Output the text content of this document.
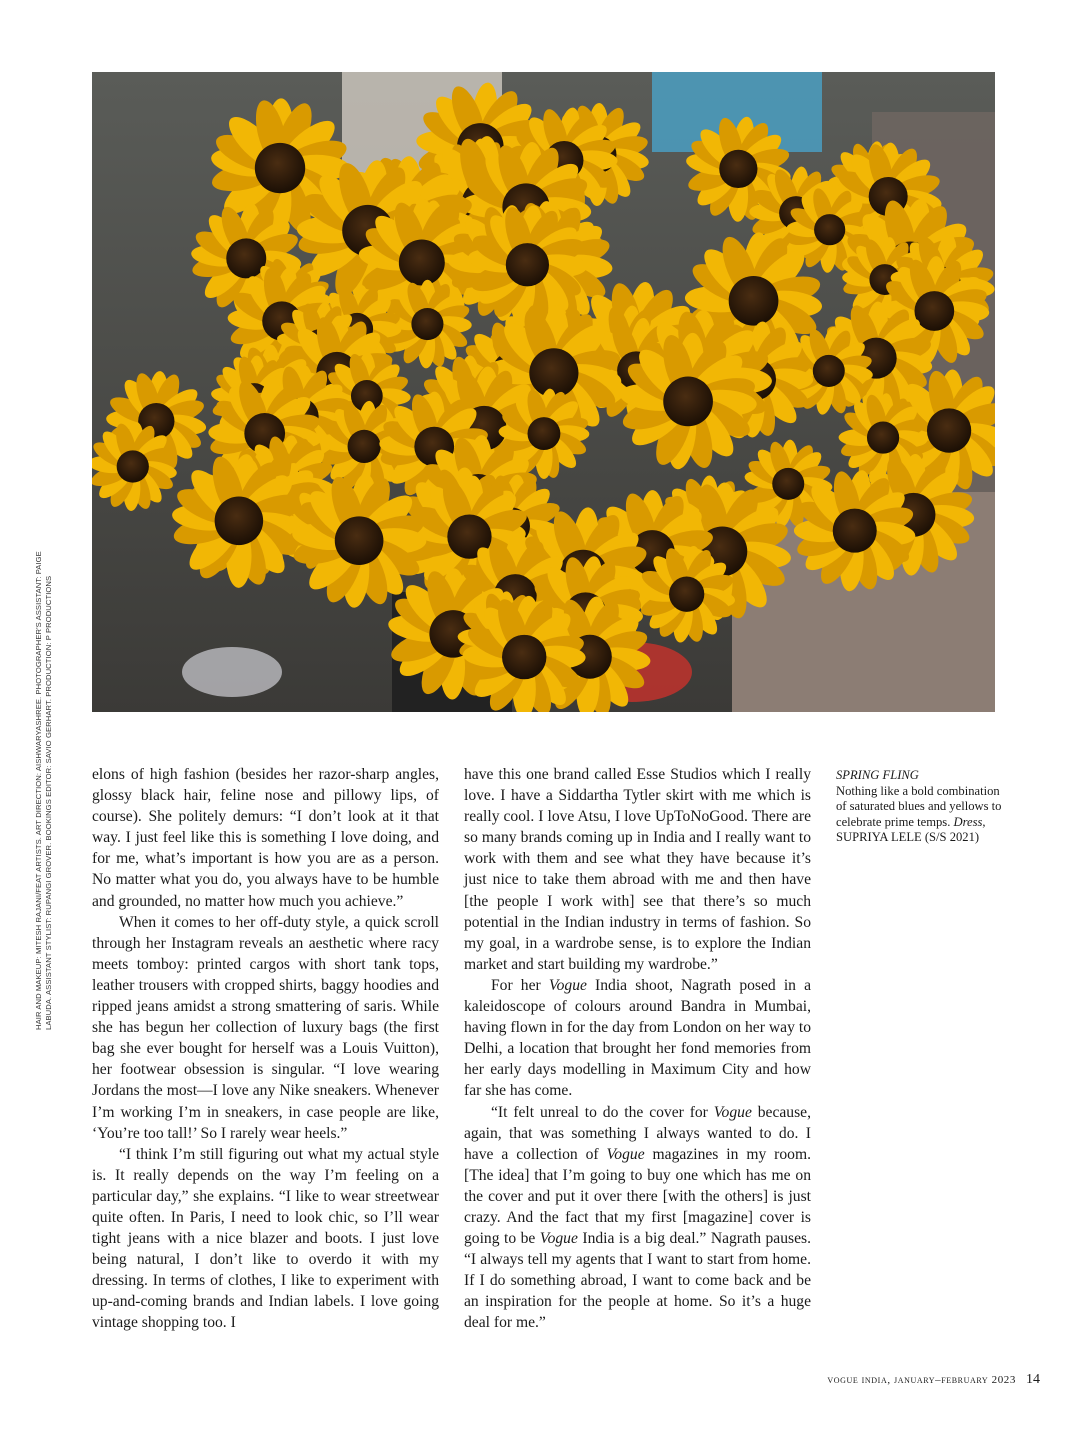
HAIR AND MAKEUP: MITESH RAJANI/FEAT ARTISTS. ART DIRECTION: AISHWARYASHREE. PHOTOGRAPHER'S ASSISTANT: PAIGE LABUDA. ASSISTANT STYLIST: RUPANGI GROVER. BOOKINGS EDITOR: SAVIO GERHART. PRODUCTION: P PRODUCTIONS	elons of high fashion (besides her razor-sharp angles, glossy black hair, feline nose and pillowy lips, of course). She politely demurs: “I don’t look at it that way. I just feel like this is something I love doing, and for me, what’s important is how you are as a person. No matter what you do, you always have to be humble and grounded, no matter how much you achieve.”

When it comes to her off-duty style, a quick scroll through her Instagram reveals an aesthetic where racy meets tomboy: printed cargos with short tank tops, leather trousers with cropped shirts, baggy hoodies and ripped jeans amidst a strong smattering of saris. While she has begun her collection of luxury bags (the first bag she ever bought for herself was a Louis Vuitton), her footwear obsession is singular. “I love wearing Jordans the most—I love any Nike sneakers. Whenever I’m working I’m in sneakers, in case people are like, ‘You’re too tall!’ So I rarely wear heels.”

“I think I’m still figuring out what my actual style is. It really depends on the way I’m feeling on a particular day,” she explains. “I like to wear streetwear quite often. In Paris, I need to look chic, so I’ll wear tight jeans with a nice blazer and boots. I just love being natural, I don’t like to overdo it with my dressing. In terms of clothes, I like to experiment with up-and-coming brands and Indian labels. I love going vintage shopping too. I

have this one brand called Esse Studios which I really love. I have a Siddartha Tytler skirt with me which is really cool. I love Atsu, I love UpToNoGood. There are so many brands coming up in India and I really want to work with them and see what they have because it’s just nice to take them abroad with me and then have [the people I work with] see that there’s so much potential in the Indian industry in terms of fashion. So my goal, in a wardrobe sense, is to explore the Indian market and start building my wardrobe.”

For her Vogue India shoot, Nagrath posed in a kaleidoscope of colours around Bandra in Mumbai, having flown in for the day from London on her way to Delhi, a location that brought her fond memories from her early days modelling in Maximum City and how far she has come.

“It felt unreal to do the cover for Vogue because, again, that was something I always wanted to do. I have a collection of Vogue magazines in my room. [The idea] that I’m going to buy one which has me on the cover and put it over there [with the others] is just crazy. And the fact that my first [magazine] cover is going to be Vogue India is a big deal.” Nagrath pauses. “I always tell my agents that I want to start from home. If I do something abroad, I want to come back and be an inspiration for the people at home. So it’s a huge deal for me.”

SPRING FLING
Nothing like a bold combination of saturated blues and yellows to celebrate prime temps. Dress, SUPRIYA LELE (S/S 2021)
vogue india, january–february 2023 14
